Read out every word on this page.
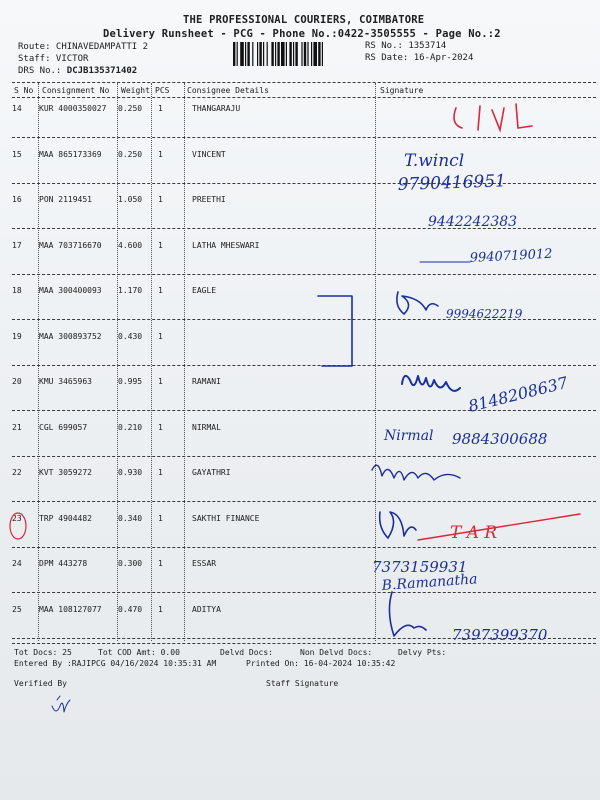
THE PROFESSIONAL COURIERS, COIMBATORE
Delivery Runsheet - PCG - Phone No.:0422-3505555 - Page No.:2
Route: CHINAVEDAMPATTI 2
Staff: VICTOR
DRS No.: DCJB135371402
RS No.: 1353714
RS Date: 16-Apr-2024
S No Consignment No Weight PCS Consignee Details	Signature
14 KUR 4000350027 0.250 1	THANGARAJU
15 MAA 865173369 0.250 1	VINCENT
16 PON 2119451	1.050 1	PREETHI
17 MAA 703716670 4.600 1	LATHA MHESWARI
18 MAA 300400093 1.170 1	EAGLE
19 MAA 300893752 0.430 1
20 KMU 3465963	0.995 1	RAMANI
21 CGL 699057	0.210 1	NIRMAL
22 KVT 3059272	0.930 1	GAYATHRI
23 TRP 4904482	0.340 1	SAKTHI FINANCE
24 DPM 443278	0.300 1	ESSAR
25 MAA 108127077 0.470 1	ADITYA
Tot Docs: 25	Tot COD Amt: 0.00	Delvd Docs:	Non Delvd Docs:	Delvy Pts:
Entered By :RAJIPCG 04/16/2024 10:35:31 AM	Printed On: 16-04-2024 10:35:42
Verified By	Staff Signature
T.wincl
9790416951
9442242383
9940719012
9994622219
8148208637
Nirmal 9884300688
7373159931
B.Ramanatha
7397399370
T A R
CINL
